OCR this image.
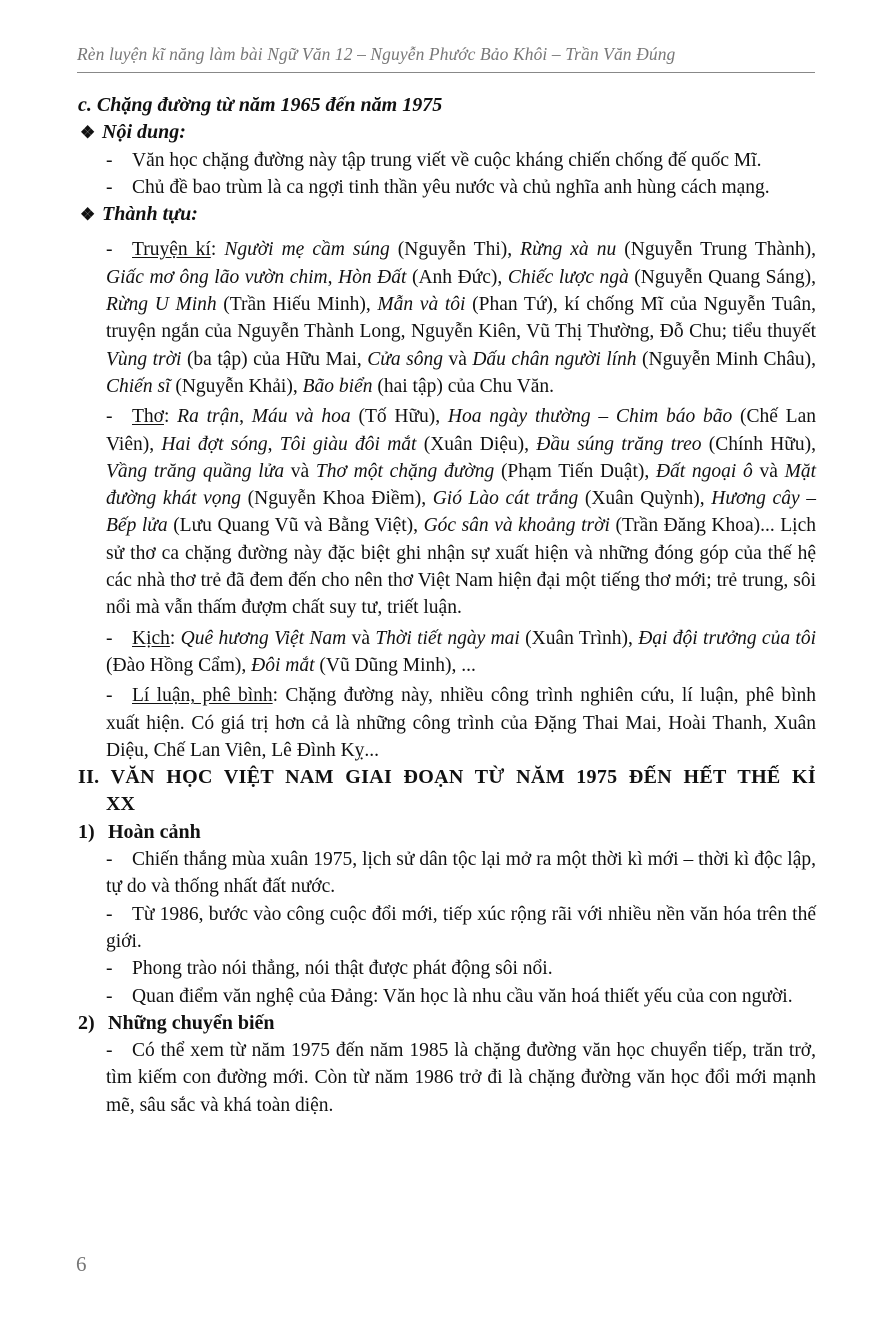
Rèn luyện kĩ năng làm bài Ngữ Văn 12 – Nguyễn Phước Bảo Khôi – Trần Văn Đúng

c. Chặng đường từ năm 1965 đến năm 1975

❖ Nội dung:

- Văn học chặng đường này tập trung viết về cuộc kháng chiến chống đế quốc Mĩ.

- Chủ đề bao trùm là ca ngợi tinh thần yêu nước và chủ nghĩa anh hùng cách mạng.

❖ Thành tựu:

- Truyện kí: Người mẹ cầm súng (Nguyễn Thi), Rừng xà nu (Nguyễn Trung Thành), Giấc mơ ông lão vườn chim, Hòn Đất (Anh Đức), Chiếc lược ngà (Nguyễn Quang Sáng), Rừng U Minh (Trần Hiếu Minh), Mẫn và tôi (Phan Tứ), kí chống Mĩ của Nguyễn Tuân, truyện ngắn của Nguyễn Thành Long, Nguyễn Kiên, Vũ Thị Thường, Đỗ Chu; tiểu thuyết Vùng trời (ba tập) của Hữu Mai, Cửa sông và Dấu chân người lính (Nguyễn Minh Châu), Chiến sĩ (Nguyễn Khải), Bão biển (hai tập) của Chu Văn.

- Thơ: Ra trận, Máu và hoa (Tố Hữu), Hoa ngày thường – Chim báo bão (Chế Lan Viên), Hai đợt sóng, Tôi giàu đôi mắt (Xuân Diệu), Đầu súng trăng treo (Chính Hữu), Vầng trăng quầng lửa và Thơ một chặng đường (Phạm Tiến Duật), Đất ngoại ô và Mặt đường khát vọng (Nguyễn Khoa Điềm), Gió Lào cát trắng (Xuân Quỳnh), Hương cây – Bếp lửa (Lưu Quang Vũ và Bằng Việt), Góc sân và khoảng trời (Trần Đăng Khoa)... Lịch sử thơ ca chặng đường này đặc biệt ghi nhận sự xuất hiện và những đóng góp của thế hệ các nhà thơ trẻ đã đem đến cho nên thơ Việt Nam hiện đại một tiếng thơ mới; trẻ trung, sôi nổi mà vẫn thấm đượm chất suy tư, triết luận.

- Kịch: Quê hương Việt Nam và Thời tiết ngày mai (Xuân Trình), Đại đội trưởng của tôi (Đào Hồng Cẩm), Đôi mắt (Vũ Dũng Minh), ...

- Lí luận, phê bình: Chặng đường này, nhiều công trình nghiên cứu, lí luận, phê bình xuất hiện. Có giá trị hơn cả là những công trình của Đặng Thai Mai, Hoài Thanh, Xuân Diệu, Chế Lan Viên, Lê Đình Kỵ...

II. VĂN HỌC VIỆT NAM GIAI ĐOẠN TỪ NĂM 1975 ĐẾN HẾT THẾ KỈ

XX

1) Hoàn cảnh

- Chiến thắng mùa xuân 1975, lịch sử dân tộc lại mở ra một thời kì mới – thời kì độc lập, tự do và thống nhất đất nước.

- Từ 1986, bước vào công cuộc đổi mới, tiếp xúc rộng rãi với nhiều nền văn hóa trên thế giới.

- Phong trào nói thẳng, nói thật được phát động sôi nổi.

- Quan điểm văn nghệ của Đảng: Văn học là nhu cầu văn hoá thiết yếu của con người.

2) Những chuyển biến

- Có thể xem từ năm 1975 đến năm 1985 là chặng đường văn học chuyển tiếp, trăn trở, tìm kiếm con đường mới. Còn từ năm 1986 trở đi là chặng đường văn học đổi mới mạnh mẽ, sâu sắc và khá toàn diện.

6
